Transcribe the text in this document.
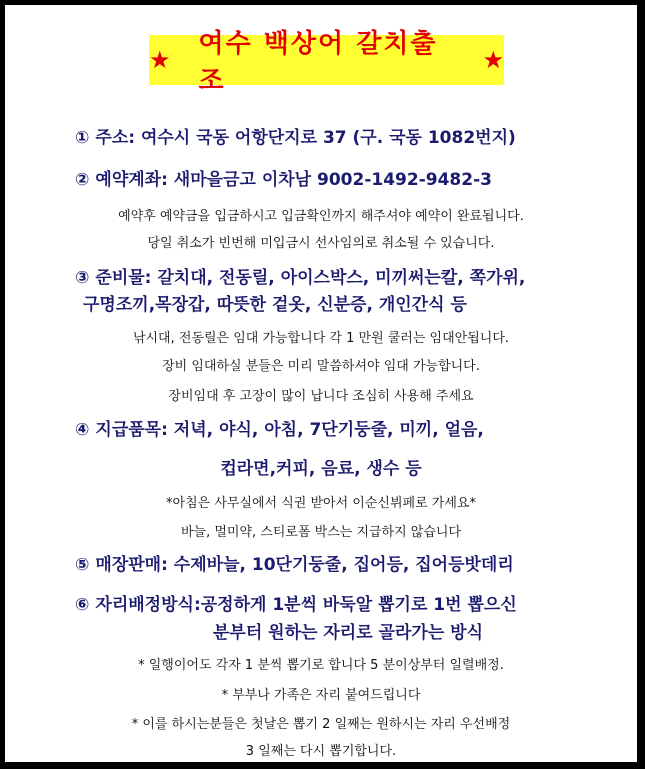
★
여수 백상어 갈치출조
★
① 주소: 여수시 국동 어항단지로 37 (구. 국동 1082번지)
② 예약계좌: 새마을금고 이차남 9002-1492-9482-3
예약후 예약금을 입금하시고 입금확인까지 해주셔야 예약이 완료됩니다.
당일 취소가 빈번해 미입금시 선사임의로 취소될 수 있습니다.
③ 준비물: 갈치대, 전동릴, 아이스박스, 미끼써는칼, 쪽가위,
구명조끼,목장갑, 따뜻한 겉옷, 신분증, 개인간식 등
낚시대, 전동릴은 임대 가능합니다 각 1 만원 쿨러는 임대안됩니다.
장비 임대하실 분들은 미리 말씀하셔야 임대 가능합니다.
장비임대 후 고장이 많이 납니다 조심히 사용해 주세요
④ 지급품목: 저녁, 야식, 아침, 7단기둥줄, 미끼, 얼음,
컵라면,커피, 음료, 생수 등
*아침은 사무실에서 식권 받아서 이순신뷔페로 가세요*
바늘, 멀미약, 스티로폼 박스는 지급하지 않습니다
⑤ 매장판매: 수제바늘, 10단기둥줄, 집어등, 집어등밧데리
⑥ 자리배정방식:공정하게 1분씩 바둑알 뽑기로 1번 뽑으신
분부터 원하는 자리로 골라가는 방식
* 일행이어도 각자 1 분씩 뽑기로 합니다 5 분이상부터 일렬배정.
* 부부나 가족은 자리 붙여드립니다
* 이를 하시는분들은 첫날은 뽑기 2 일째는 원하시는 자리 우선배정
3 일째는 다시 뽑기합니다.
